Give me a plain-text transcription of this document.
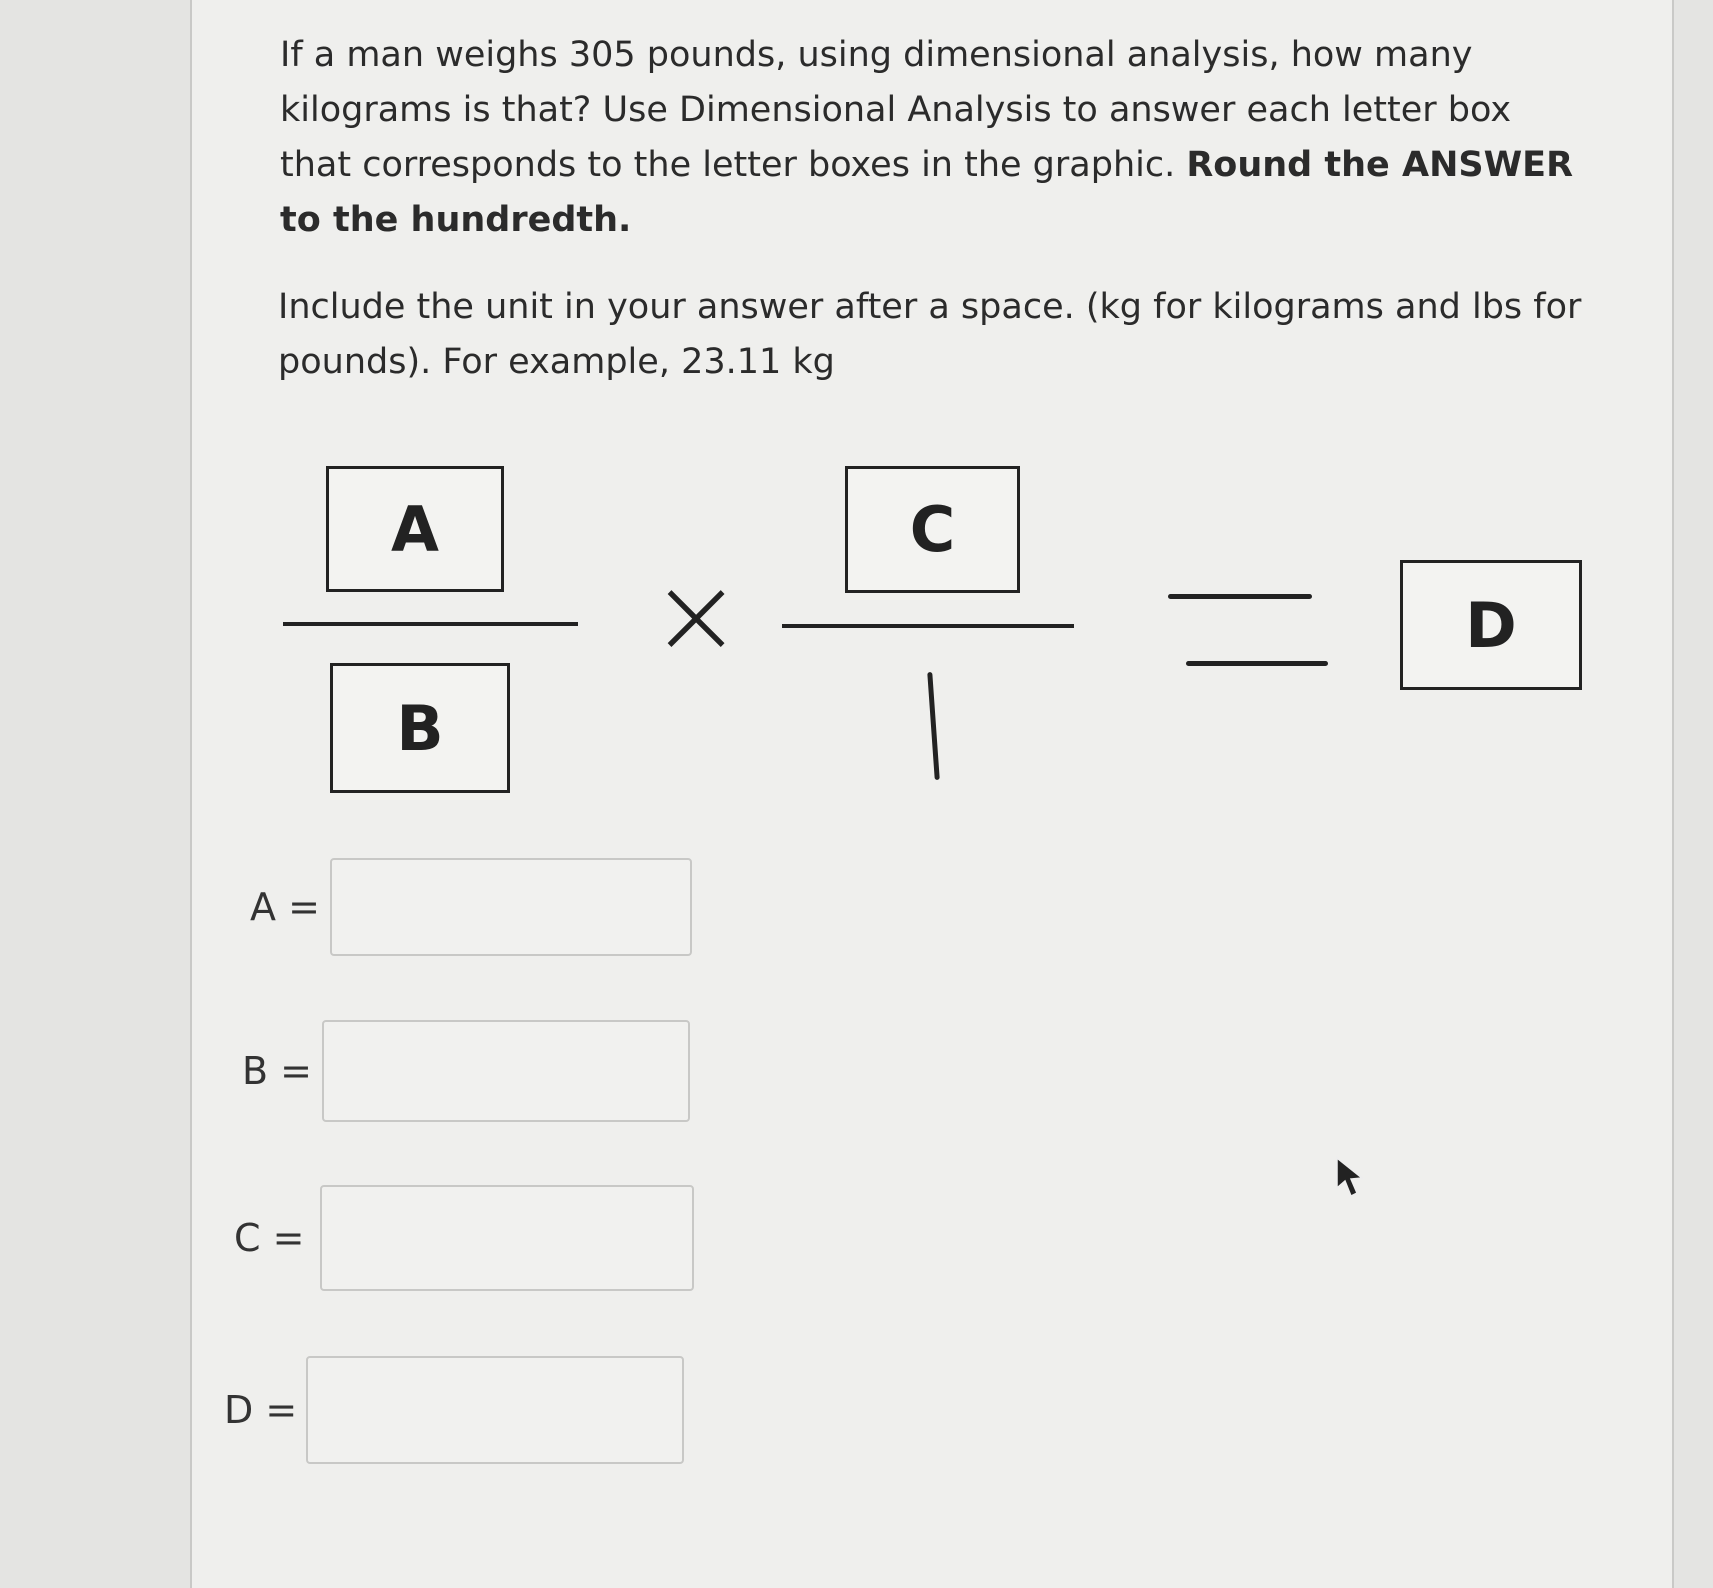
If a man weighs 305 pounds, using dimensional analysis, how many kilograms is that? Use Dimensional Analysis to answer each letter box that corresponds to the letter boxes in the graphic. Round the ANSWER to the hundredth.

Include the unit in your answer after a space. (kg for kilograms and lbs for pounds). For example, 23.11 kg

A
B
×
C
D
A =
B =
C =
D =
